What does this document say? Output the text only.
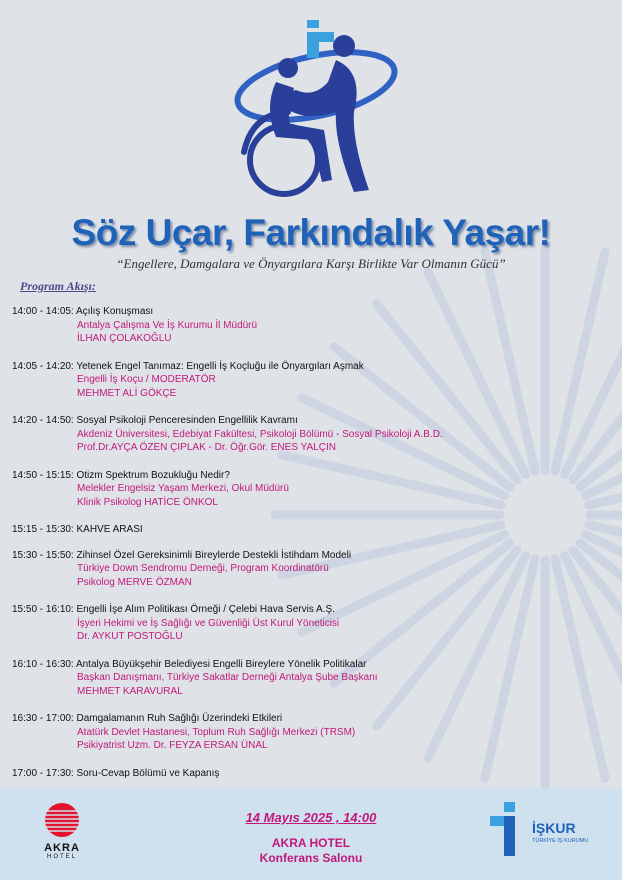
Söz Uçar, Farkındalık Yaşar!
“Engellere, Damgalara ve Önyargılara Karşı Birlikte Var Olmanın Gücü”
Program Akışı:
14:00 - 14:05: Açılış Konuşması
Antalya Çalışma Ve İş Kurumu İl Müdürü
İLHAN ÇOLAKOĞLU
14:05 - 14:20: Yetenek Engel Tanımaz: Engelli İş Koçluğu ile Önyargıları Aşmak
Engelli İş Koçu / MODERATÖR
MEHMET ALİ GÖKÇE
14:20 - 14:50: Sosyal Psikoloji Penceresinden Engellilik Kavramı
Akdeniz Üniversitesi, Edebiyat Fakültesi, Psikoloji Bölümü - Sosyal Psikoloji A.B.D.
Prof.Dr.AYÇA ÖZEN ÇIPLAK - Dr. Öğr.Gör. ENES YALÇIN
14:50 - 15:15: Otizm Spektrum Bozukluğu Nedir?
Melekler Engelsiz Yaşam Merkezi, Okul Müdürü
Klinik Psikolog HATİCE ÖNKOL
15:15 - 15:30: KAHVE ARASI
15:30 - 15:50: Zihinsel Özel Gereksinimli Bireylerde Destekli İstihdam Modeli
Türkiye Down Sendromu Derneği, Program Koordinatörü
Psikolog MERVE ÖZMAN
15:50 - 16:10: Engelli İşe Alım Politikası Örneği / Çelebi Hava Servis A.Ş.
İşyeri Hekimi ve İş Sağlığı ve Güvenliği Üst Kurul Yöneticisi
Dr. AYKUT POSTOĞLU
16:10 - 16:30: Antalya Büyükşehir Belediyesi Engelli Bireylere Yönelik Politikalar
Başkan Danışmanı, Türkiye Sakatlar Derneği Antalya Şube Başkanı
MEHMET KARAVURAL
16:30 - 17:00: Damgalamanın Ruh Sağlığı Üzerindeki Etkileri
Atatürk Devlet Hastanesi, Toplum Ruh Sağlığı Merkezi (TRSM)
Psikiyatrist Uzm. Dr. FEYZA ERSAN ÜNAL
17:00 - 17:30: Soru-Cevap Bölümü ve Kapanış
AKRA
HOTEL
14 Mayıs 2025 , 14:00
AKRA HOTEL
Konferans Salonu
İŞKUR
TÜRKİYE İŞ KURUMU
